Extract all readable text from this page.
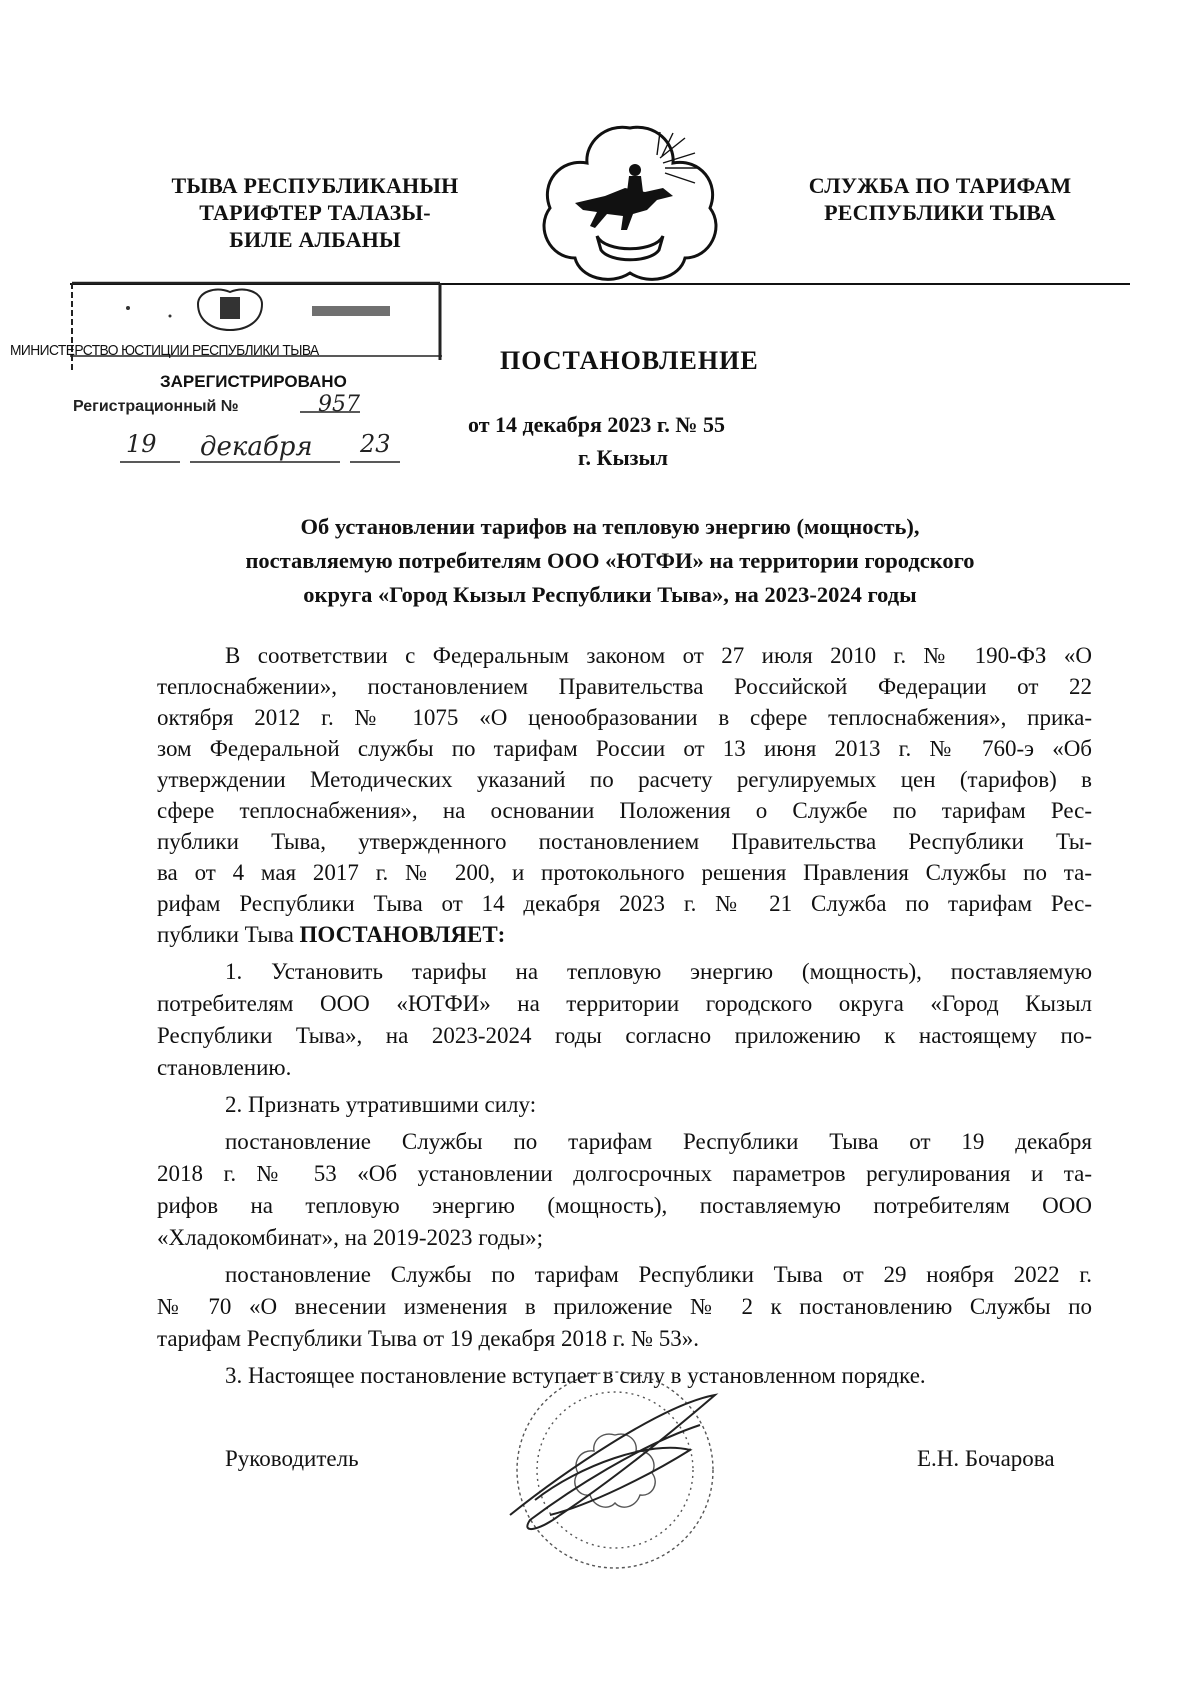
ТЫВА РЕСПУБЛИКАНЫН
ТАРИФТЕР ТАЛАЗЫ-
БИЛЕ АЛБАНЫ
СЛУЖБА ПО ТАРИФАМ
РЕСПУБЛИКИ ТЫВА
МИНИСТЕРСТВО ЮСТИЦИИ РЕСПУБЛИКИ ТЫВА
ЗАРЕГИСТРИРОВАНО
Регистрационный №	957
19 декабря 23
ПОСТАНОВЛЕНИЕ
от 14 декабря 2023 г. № 55
г. Кызыл
Об установлении тарифов на тепловую энергию (мощность),
поставляемую потребителям ООО «ЮТФИ» на территории городского
округа «Город Кызыл Республики Тыва», на 2023-2024 годы
В соответствии с Федеральным законом от 27 июля 2010 г. № 190-ФЗ «О
теплоснабжении», постановлением Правительства Российской Федерации от 22
октября 2012 г. № 1075 «О ценообразовании в сфере теплоснабжения», прика-
зом Федеральной службы по тарифам России от 13 июня 2013 г. № 760-э «Об
утверждении Методических указаний по расчету регулируемых цен (тарифов) в
сфере теплоснабжения», на основании Положения о Службе по тарифам Рес-
публики Тыва, утвержденного постановлением Правительства Республики Ты-
ва от 4 мая 2017 г. № 200, и протокольного решения Правления Службы по та-
рифам Республики Тыва от 14 декабря 2023 г. № 21 Служба по тарифам Рес-
публики Тыва ПОСТАНОВЛЯЕТ:
1. Установить тарифы на тепловую энергию (мощность), поставляемую
потребителям ООО «ЮТФИ» на территории городского округа «Город Кызыл
Республики Тыва», на 2023-2024 годы согласно приложению к настоящему по-
становлению.
2. Признать утратившими силу:
постановление Службы по тарифам Республики Тыва от 19 декабря
2018 г. № 53 «Об установлении долгосрочных параметров регулирования и та-
рифов на тепловую энергию (мощность), поставляемую потребителям ООО
«Хладокомбинат», на 2019-2023 годы»;
постановление Службы по тарифам Республики Тыва от 29 ноября 2022 г.
№ 70 «О внесении изменения в приложение № 2 к постановлению Службы по
тарифам Республики Тыва от 19 декабря 2018 г. № 53».
3. Настоящее постановление вступает в силу в установленном порядке.
Руководитель	Е.Н. Бочарова
